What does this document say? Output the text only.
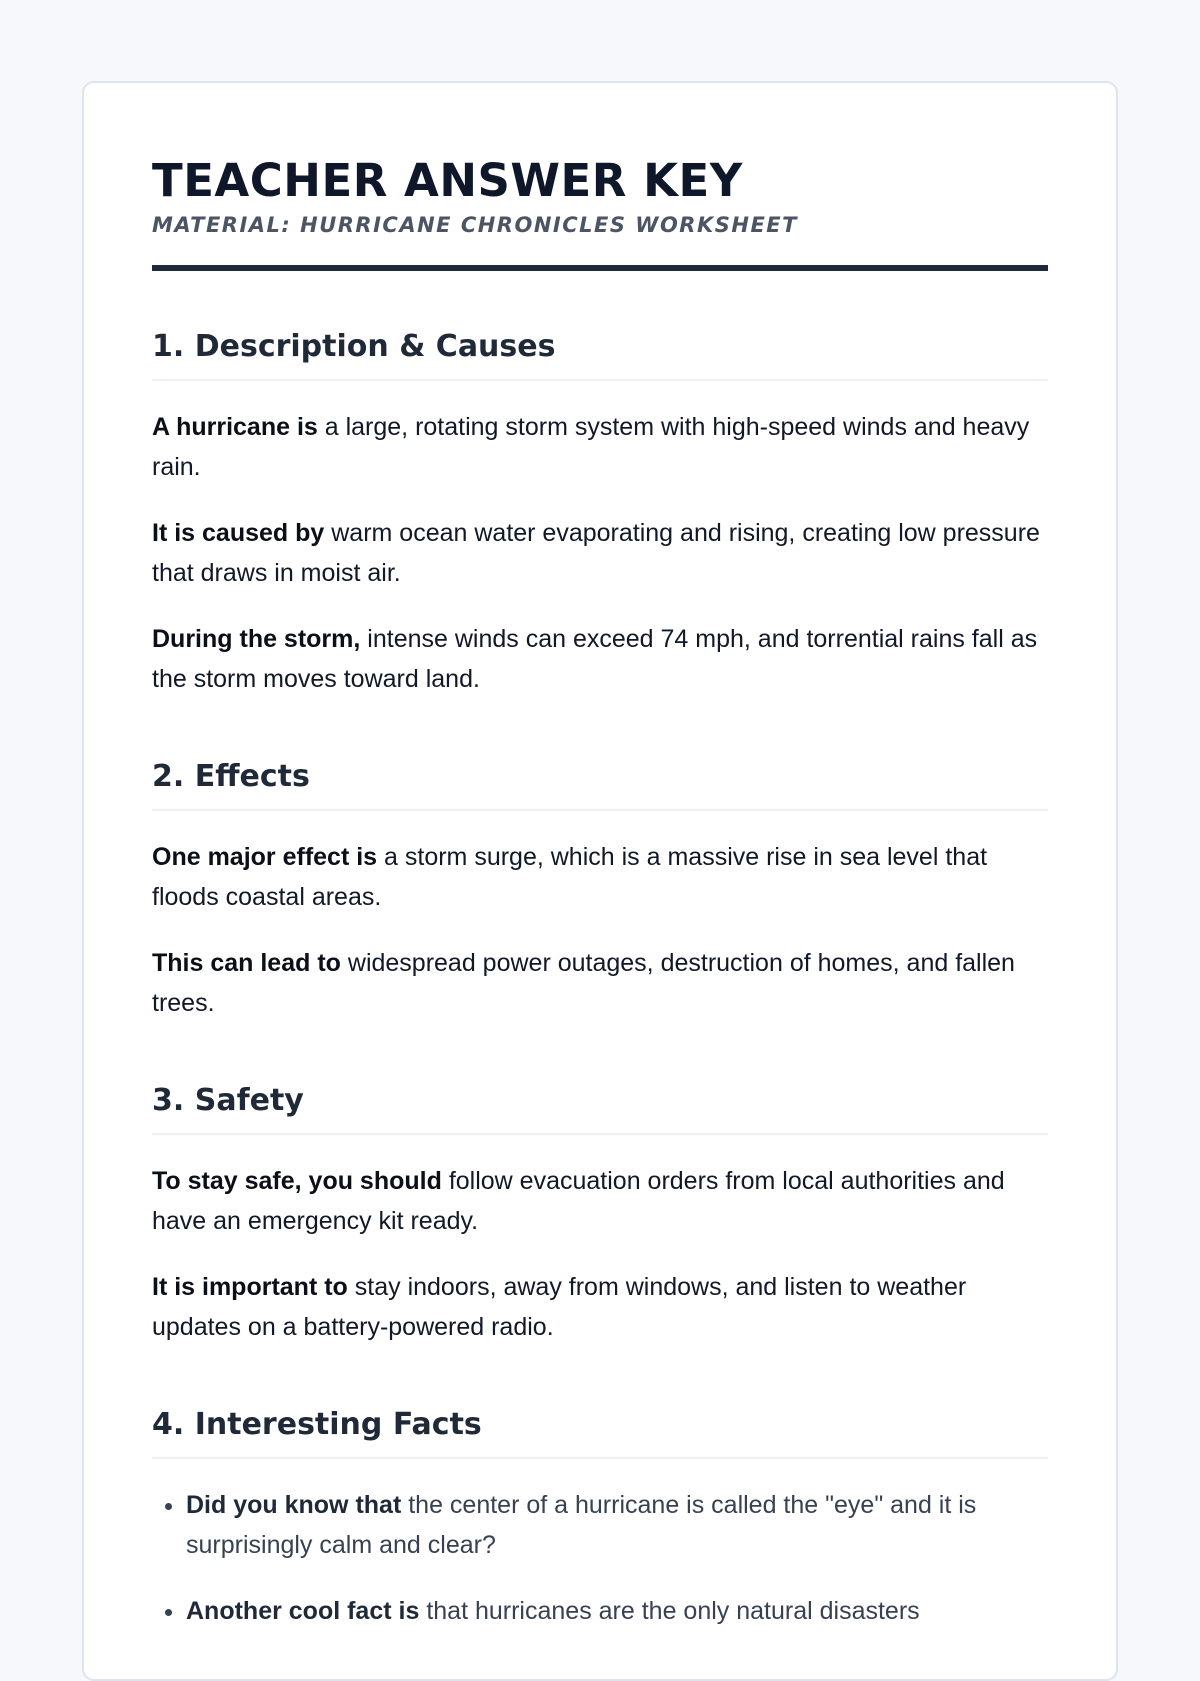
TEACHER ANSWER KEY
MATERIAL: HURRICANE CHRONICLES WORKSHEET
1. Description & Causes

A hurricane is a large, rotating storm system with high-speed winds and heavy rain.

It is caused by warm ocean water evaporating and rising, creating low pressure that draws in moist air.

During the storm, intense winds can exceed 74 mph, and torrential rains fall as the storm moves toward land.

2. Effects

One major effect is a storm surge, which is a massive rise in sea level that floods coastal areas.

This can lead to widespread power outages, destruction of homes, and fallen trees.

3. Safety

To stay safe, you should follow evacuation orders from local authorities and have an emergency kit ready.

It is important to stay indoors, away from windows, and listen to weather updates on a battery-powered radio.

4. Interesting Facts
• Did you know that the center of a hurricane is called the "eye" and it is surprisingly calm and clear?
• Another cool fact is that hurricanes are the only natural disasters
